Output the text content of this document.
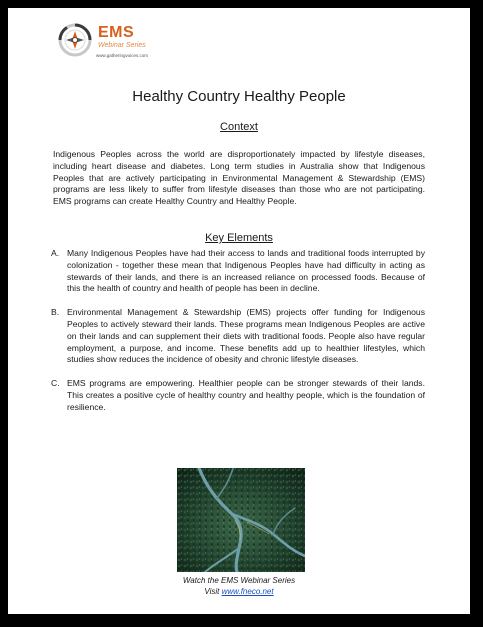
EMS
Webinar Series
www.gatheringvoices.com
Healthy Country Healthy People
Context

Indigenous Peoples across the world are disproportionately impacted by lifestyle diseases, including heart disease and diabetes. Long term studies in Australia show that Indigenous Peoples that are actively participating in Environmental Management & Stewardship (EMS) programs are less likely to suffer from lifestyle diseases than those who are not participating. EMS programs can create Healthy Country and Healthy People.

Key Elements
A. Many Indigenous Peoples have had their access to lands and traditional foods interrupted by colonization - together these mean that Indigenous Peoples have had difficulty in acting as stewards of their lands, and there is an increased reliance on processed foods. Because of this the health of country and health of people has been in decline.
B. Environmental Management & Stewardship (EMS) projects offer funding for Indigenous Peoples to actively steward their lands. These programs mean Indigenous Peoples are active on their lands and can supplement their diets with traditional foods. People also have regular employment, a purpose, and income. These benefits add up to healthier lifestyles, which studies show reduces the incidence of obesity and chronic lifestyle diseases.
C. EMS programs are empowering. Healthier people can be stronger stewards of their lands. This creates a positive cycle of healthy country and healthy people, which is the foundation of resilience.

Watch the EMS Webinar Series

Visit www.fneco.net
